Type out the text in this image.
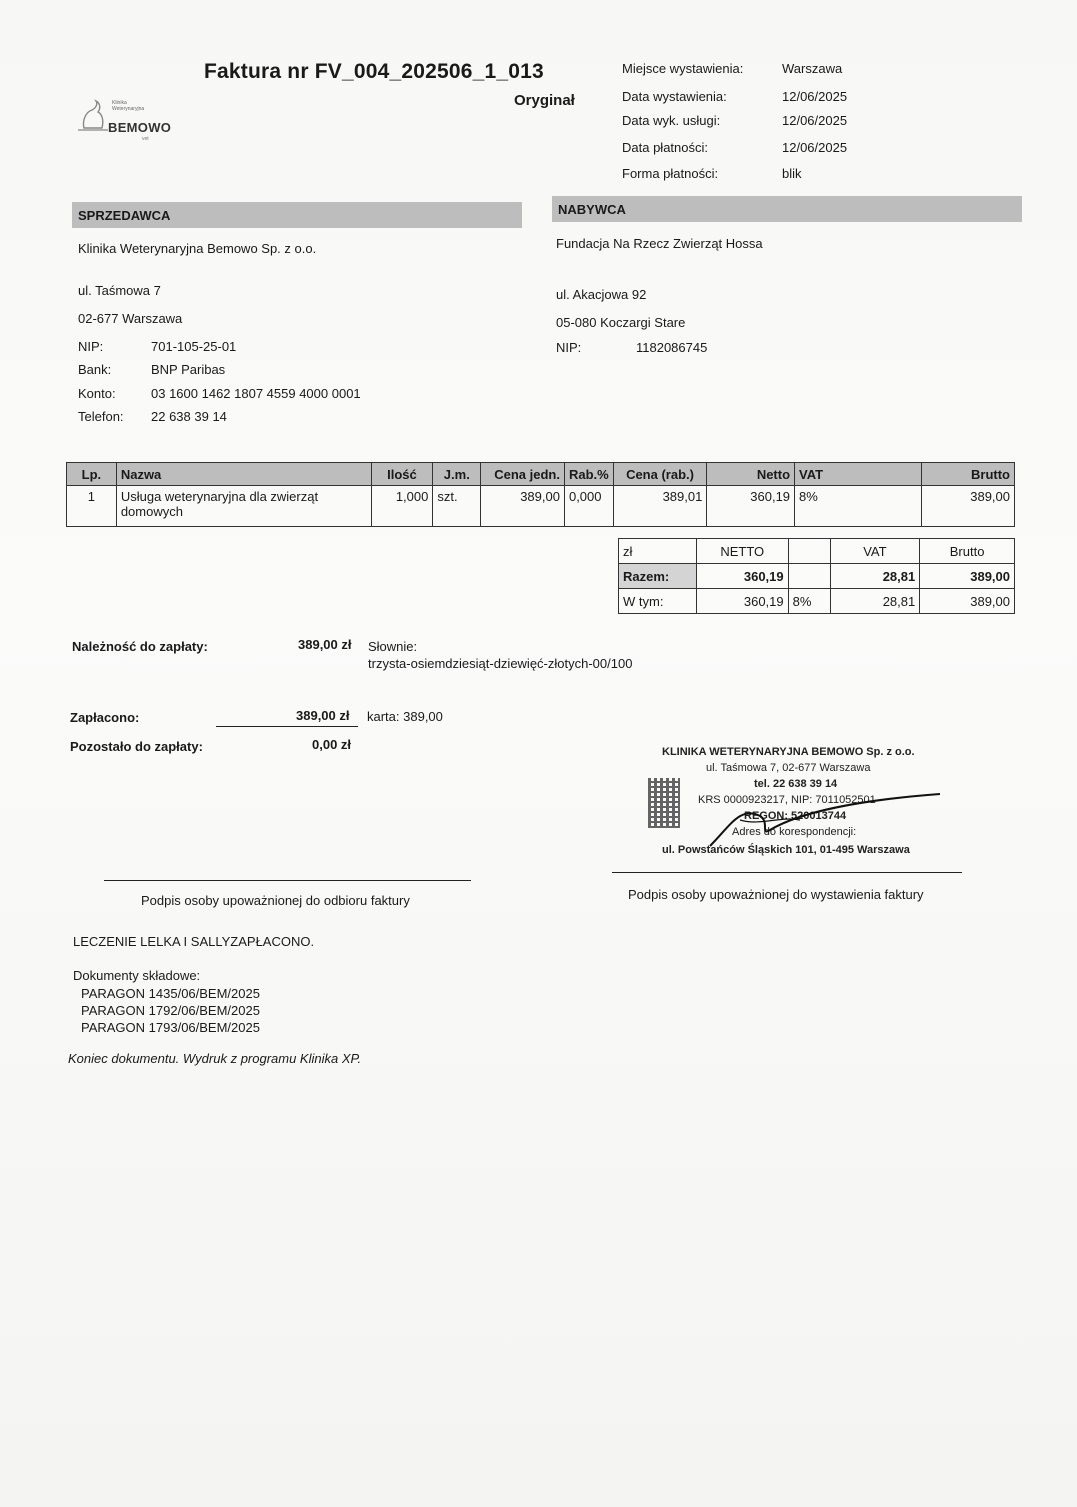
Faktura nr FV_004_202506_1_013
Oryginał
Klinika
Weterynaryjna
BEMOWO
vet
Miejsce wystawienia:	Warszawa
Data wystawienia:	12/06/2025
Data wyk. usługi:	12/06/2025
Data płatności:	12/06/2025
Forma płatności:	blik
SPRZEDAWCA
Klinika Weterynaryjna Bemowo Sp. z o.o.
ul. Taśmowa 7
02-677 Warszawa
NIP:	701-105-25-01
Bank:	BNP Paribas
Konto:	03 1600 1462 1807 4559 4000 0001
Telefon: 22 638 39 14
NABYWCA
Fundacja Na Rzecz Zwierząt Hossa
ul. Akacjowa 92
05-080 Koczargi Stare
NIP:	1182086745
Lp.	Nazwa	Ilość	J.m.	Cena jedn.	Rab.%	Cena (rab.)	Netto	VAT	Brutto
1	Usługa weterynaryjna dla zwierząt domowych	1,000	szt.	389,00	0,000	389,01	360,19	8%	389,00
zł	NETTO		VAT	Brutto
Razem:	360,19		28,81	389,00
W tym:	360,19	8%	28,81	389,00
Należność do zapłaty:	389,00 zł Słownie:
trzysta-osiemdziesiąt-dziewięć-złotych-00/100
Zapłacono:	389,00 zł karta: 389,00
Pozostało do zapłaty:	0,00 zł	KLINIKA WETERYNARYJNA BEMOWO Sp. z o.o.
ul. Taśmowa 7, 02-677 Warszawa
tel. 22 638 39 14
KRS 0000923217, NIP: 7011052501
REGON: 520013744
Adres do korespondencji:
ul. Powstańców Śląskich 101, 01-495 Warszawa
Podpis osoby upoważnionej do odbioru faktury	Podpis osoby upoważnionej do wystawienia faktury
LECZENIE LELKA I SALLYZAPŁACONO.
Dokumenty składowe:
PARAGON 1435/06/BEM/2025
PARAGON 1792/06/BEM/2025
PARAGON 1793/06/BEM/2025
Koniec dokumentu. Wydruk z programu Klinika XP.
